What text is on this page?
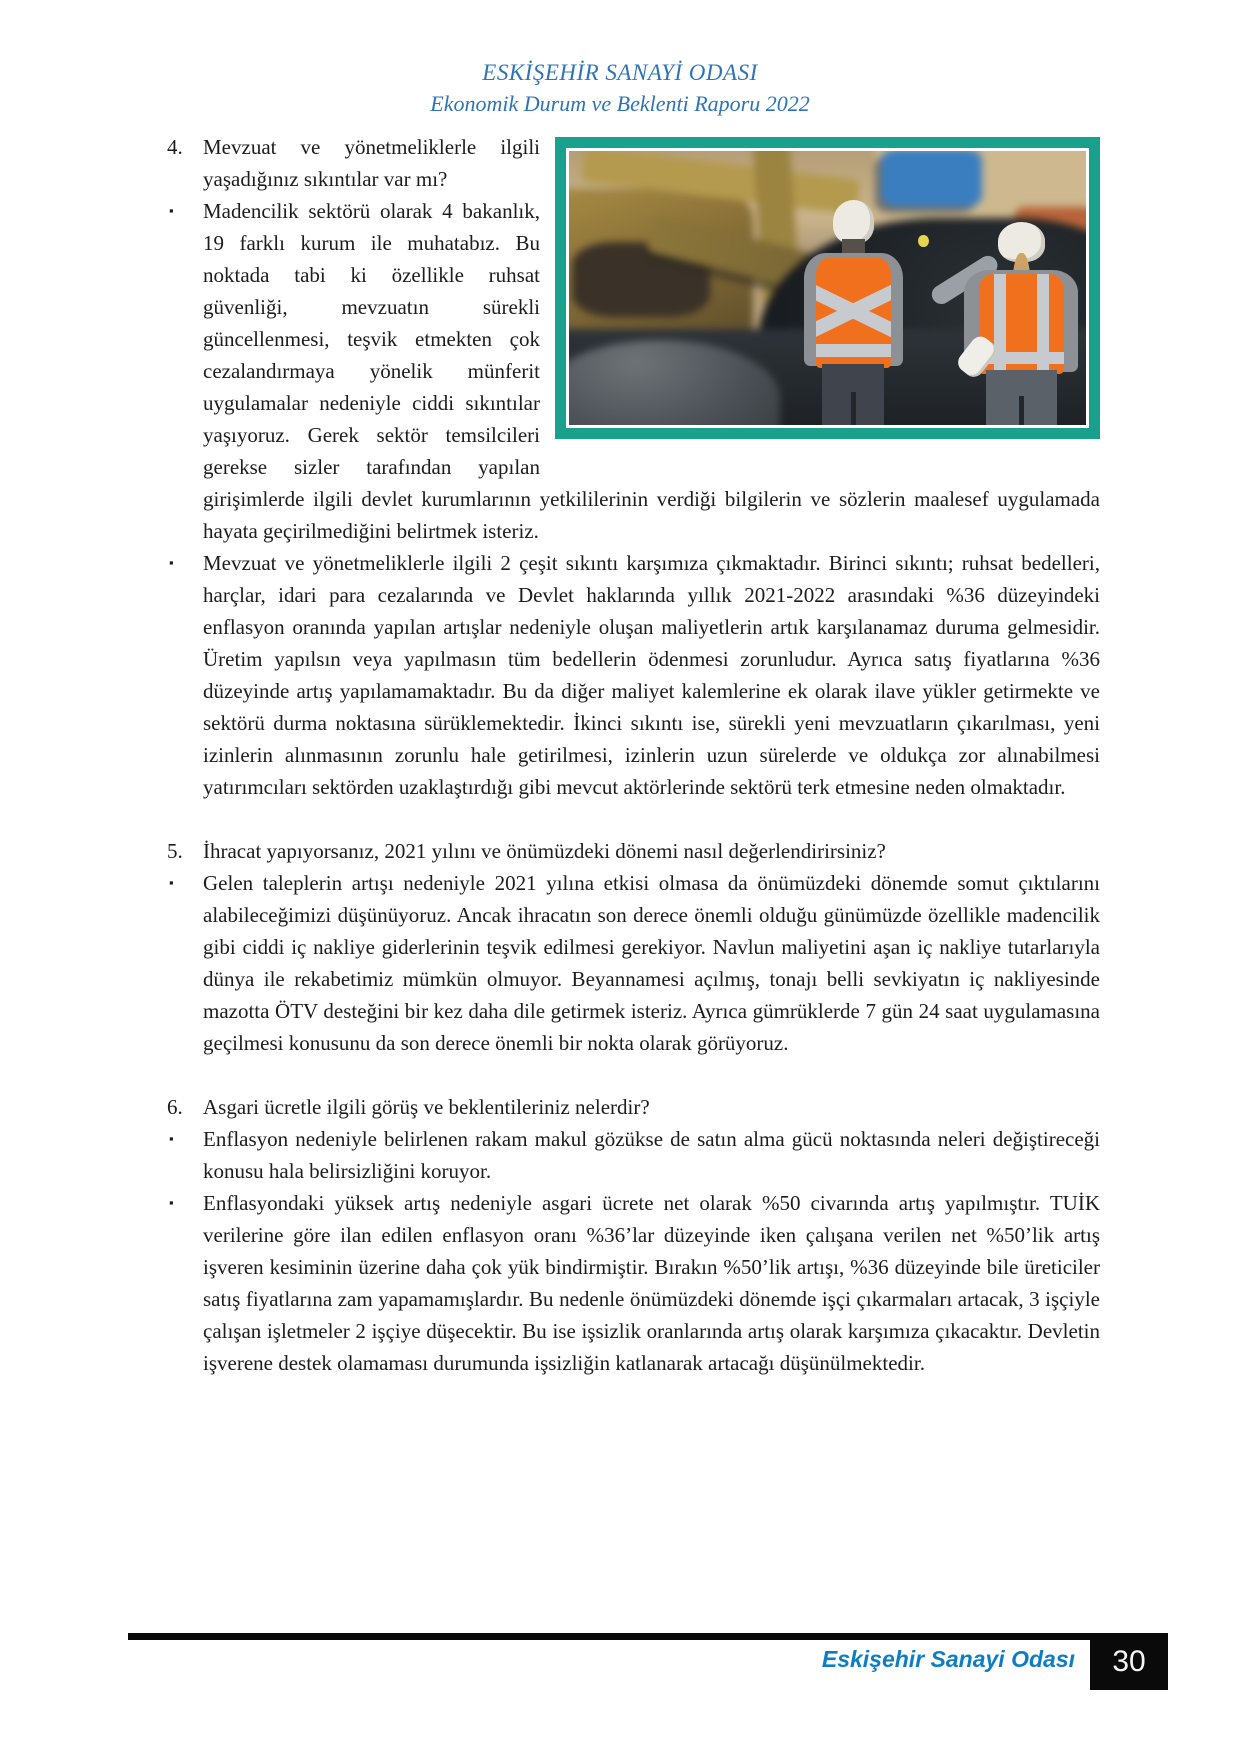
ESKİŞEHİR SANAYİ ODASI
Ekonomik Durum ve Beklenti Raporu 2022
4. Mevzuat ve yönetmeliklerle ilgili yaşadığınız sıkıntılar var mı?
▪ Madencilik sektörü olarak 4 bakanlık, 19 farklı kurum ile muhatabız. Bu noktada tabi ki özellikle ruhsat güvenliği, mevzuatın sürekli güncellenmesi, teşvik etmekten çok cezalandırmaya yönelik münferit uygulamalar nedeniyle ciddi sıkıntılar yaşıyoruz. Gerek sektör temsilcileri gerekse sizler tarafından yapılan girişimlerde ilgili devlet kurumlarının yetkililerinin verdiği bilgilerin ve sözlerin maalesef uygulamada hayata geçirilmediğini belirtmek isteriz.
▪ Mevzuat ve yönetmeliklerle ilgili 2 çeşit sıkıntı karşımıza çıkmaktadır. Birinci sıkıntı; ruhsat bedelleri, harçlar, idari para cezalarında ve Devlet haklarında yıllık 2021-2022 arasındaki %36 düzeyindeki enflasyon oranında yapılan artışlar nedeniyle oluşan maliyetlerin artık karşılanamaz duruma gelmesidir. Üretim yapılsın veya yapılmasın tüm bedellerin ödenmesi zorunludur. Ayrıca satış fiyatlarına %36 düzeyinde artış yapılamamaktadır. Bu da diğer maliyet kalemlerine ek olarak ilave yükler getirmekte ve sektörü durma noktasına sürüklemektedir. İkinci sıkıntı ise, sürekli yeni mevzuatların çıkarılması, yeni izinlerin alınmasının zorunlu hale getirilmesi, izinlerin uzun sürelerde ve oldukça zor alınabilmesi yatırımcıları sektörden uzaklaştırdığı gibi mevcut aktörlerinde sektörü terk etmesine neden olmaktadır.
5. İhracat yapıyorsanız, 2021 yılını ve önümüzdeki dönemi nasıl değerlendirirsiniz?
▪ Gelen taleplerin artışı nedeniyle 2021 yılına etkisi olmasa da önümüzdeki dönemde somut çıktılarını alabileceğimizi düşünüyoruz. Ancak ihracatın son derece önemli olduğu günümüzde özellikle madencilik gibi ciddi iç nakliye giderlerinin teşvik edilmesi gerekiyor. Navlun maliyetini aşan iç nakliye tutarlarıyla dünya ile rekabetimiz mümkün olmuyor. Beyannamesi açılmış, tonajı belli sevkiyatın iç nakliyesinde mazotta ÖTV desteğini bir kez daha dile getirmek isteriz. Ayrıca gümrüklerde 7 gün 24 saat uygulamasına geçilmesi konusunu da son derece önemli bir nokta olarak görüyoruz.
6. Asgari ücretle ilgili görüş ve beklentileriniz nelerdir?
▪ Enflasyon nedeniyle belirlenen rakam makul gözükse de satın alma gücü noktasında neleri değiştireceği konusu hala belirsizliğini koruyor.
▪ Enflasyondaki yüksek artış nedeniyle asgari ücrete net olarak %50 civarında artış yapılmıştır. TUİK verilerine göre ilan edilen enflasyon oranı %36’lar düzeyinde iken çalışana verilen net %50’lik artış işveren kesiminin üzerine daha çok yük bindirmiştir. Bırakın %50’lik artışı, %36 düzeyinde bile üreticiler satış fiyatlarına zam yapamamışlardır. Bu nedenle önümüzdeki dönemde işçi çıkarmaları artacak, 3 işçiyle çalışan işletmeler 2 işçiye düşecektir. Bu ise işsizlik oranlarında artış olarak karşımıza çıkacaktır. Devletin işverene destek olamaması durumunda işsizliğin katlanarak artacağı düşünülmektedir.
Eskişehir Sanayi Odası 30
